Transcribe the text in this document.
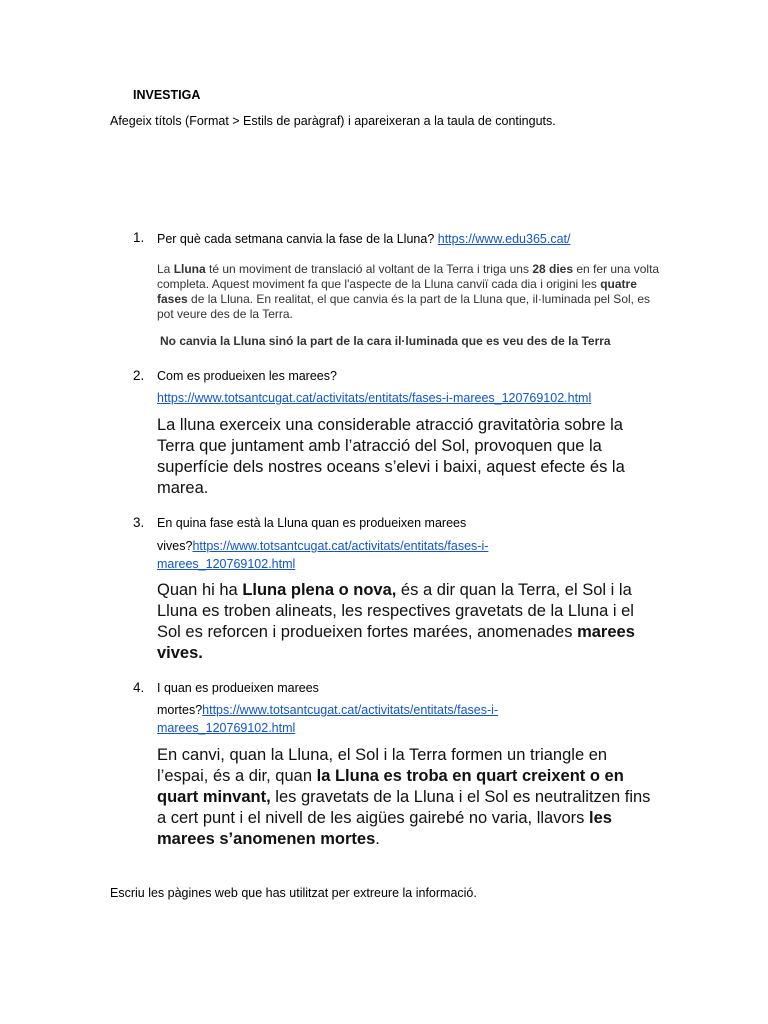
INVESTIGA
Afegeix títols (Format > Estils de paràgraf) i apareixeran a la taula de continguts.
1. Per què cada setmana canvia la fase de la Lluna? https://www.edu365.cat/

La Lluna té un moviment de translació al voltant de la Terra i triga uns 28 dies en fer una volta completa. Aquest moviment fa que l'aspecte de la Lluna canviï cada dia i origini les quatre fases de la Lluna. En realitat, el que canvia és la part de la Lluna que, il·luminada pel Sol, es pot veure des de la Terra.

No canvia la Lluna sinó la part de la cara il·luminada que es veu des de la Terra
2. Com es produeixen les marees?
https://www.totsantcugat.cat/activitats/entitats/fases-i-marees_120769102.html

La lluna exerceix una considerable atracció gravitatòria sobre la Terra que juntament amb l’atracció del Sol, provoquen que la superfície dels nostres oceans s’elevi i baixi, aquest efecte és la marea.

3. En quina fase està la Lluna quan es produeixen marees
vives?https://www.totsantcugat.cat/activitats/entitats/fases-i-
marees_120769102.html

Quan hi ha Lluna plena o nova, és a dir quan la Terra, el Sol i la Lluna es troben alineats, les respectives gravetats de la Lluna i el Sol es reforcen i produeixen fortes marées, anomenades marees vives.

4. I quan es produeixen marees
mortes?https://www.totsantcugat.cat/activitats/entitats/fases-i-
marees_120769102.html

En canvi, quan la Lluna, el Sol i la Terra formen un triangle en l’espai, és a dir, quan la Lluna es troba en quart creixent o en quart minvant, les gravetats de la Lluna i el Sol es neutralitzen fins a cert punt i el nivell de les aigües gairebé no varia, llavors les marees s’anomenen mortes.

Escriu les pàgines web que has utilitzat per extreure la informació.
